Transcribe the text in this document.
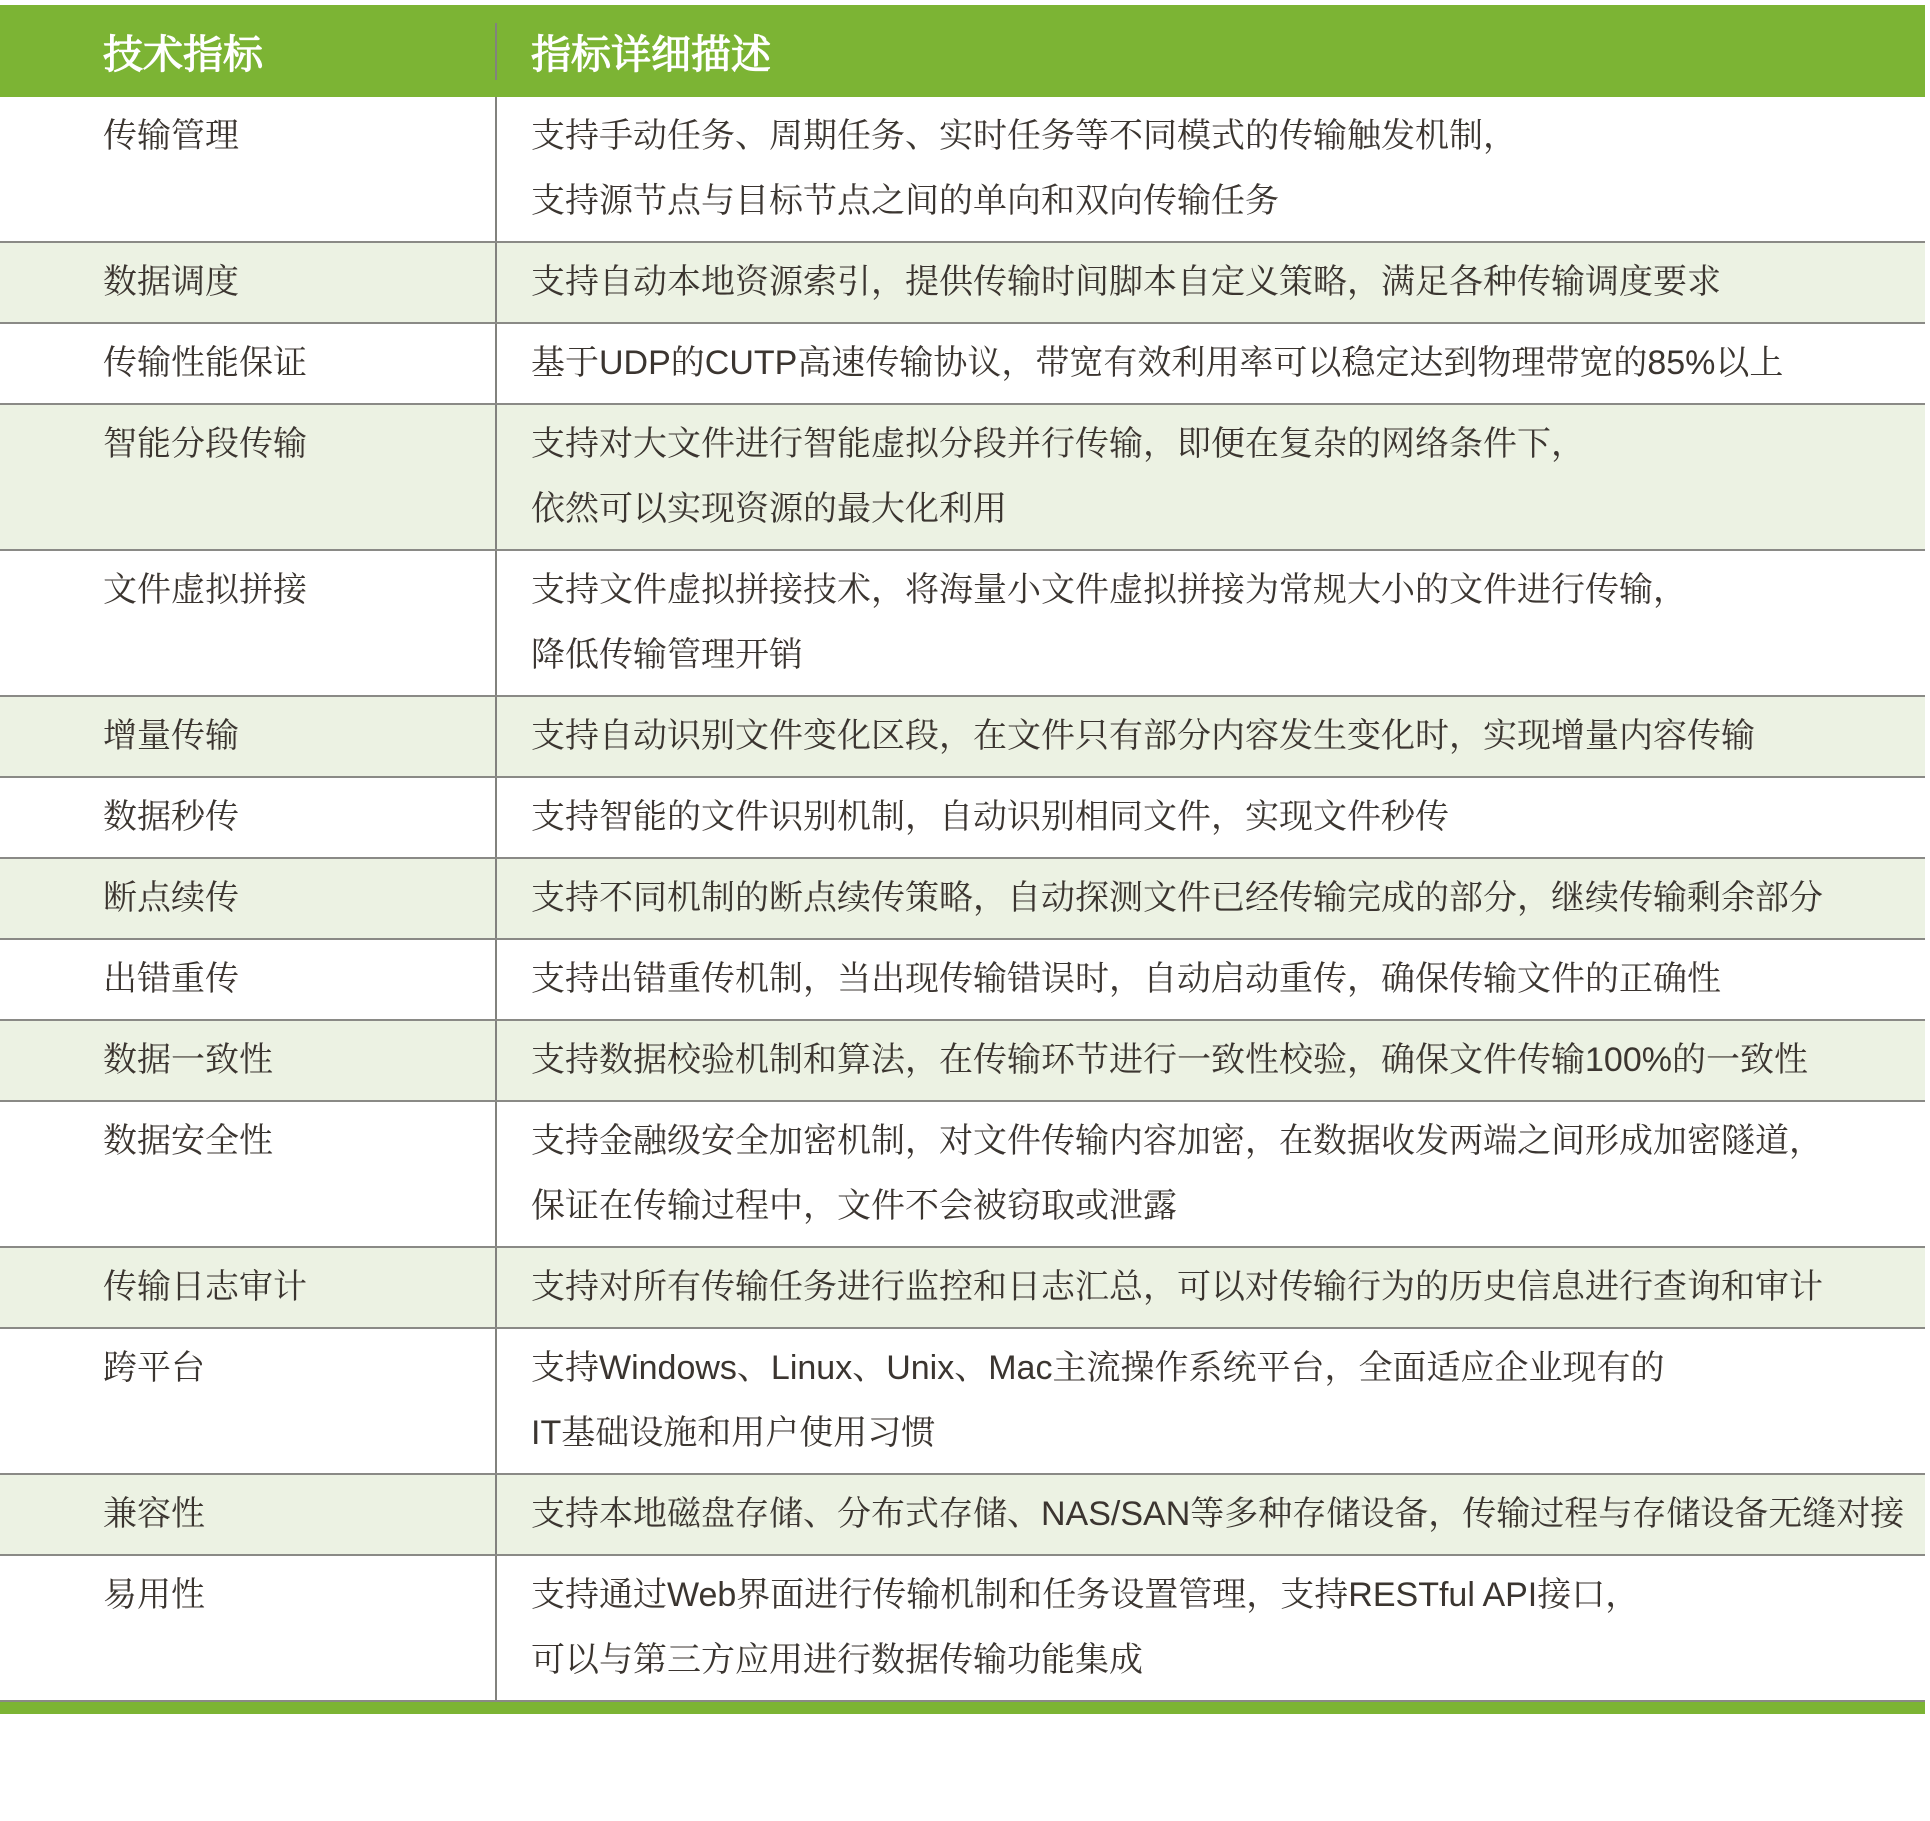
技术指标	指标详细描述
传输管理	支持手动任务、周期任务、实时任务等不同模式的传输触发机制，
支持源节点与目标节点之间的单向和双向传输任务
数据调度	支持自动本地资源索引，提供传输时间脚本自定义策略，满足各种传输调度要求
传输性能保证	基于UDP的CUTP高速传输协议，带宽有效利用率可以稳定达到物理带宽的85%以上
智能分段传输	支持对大文件进行智能虚拟分段并行传输，即便在复杂的网络条件下，
依然可以实现资源的最大化利用
文件虚拟拼接	支持文件虚拟拼接技术，将海量小文件虚拟拼接为常规大小的文件进行传输，
降低传输管理开销
增量传输	支持自动识别文件变化区段，在文件只有部分内容发生变化时，实现增量内容传输
数据秒传	支持智能的文件识别机制，自动识别相同文件，实现文件秒传
断点续传	支持不同机制的断点续传策略，自动探测文件已经传输完成的部分，继续传输剩余部分
出错重传	支持出错重传机制，当出现传输错误时，自动启动重传，确保传输文件的正确性
数据一致性	支持数据校验机制和算法，在传输环节进行一致性校验，确保文件传输100%的一致性
数据安全性	支持金融级安全加密机制，对文件传输内容加密，在数据收发两端之间形成加密隧道，
保证在传输过程中，文件不会被窃取或泄露
传输日志审计	支持对所有传输任务进行监控和日志汇总，可以对传输行为的历史信息进行查询和审计
跨平台	支持Windows、Linux、Unix、Mac主流操作系统平台，全面适应企业现有的
IT基础设施和用户使用习惯
兼容性	支持本地磁盘存储、分布式存储、NAS/SAN等多种存储设备，传输过程与存储设备无缝对接
易用性	支持通过Web界面进行传输机制和任务设置管理，支持RESTful API接口，
可以与第三方应用进行数据传输功能集成
